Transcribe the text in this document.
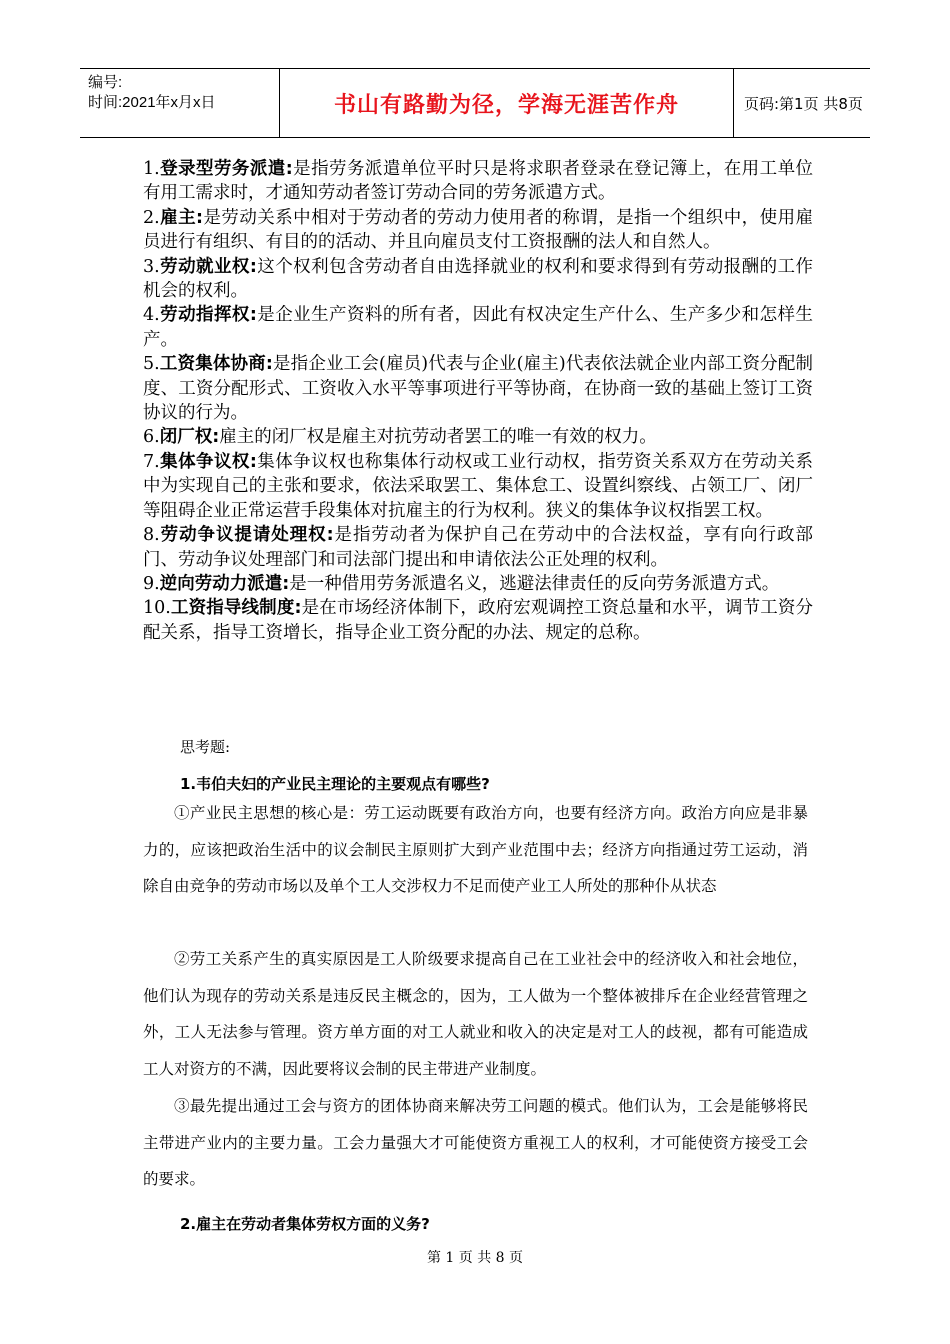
编号:
时间:2021年x月x日	书山有路勤为径，学海无涯苦作舟	页码:第1页 共8页

1.登录型劳务派遣:是指劳务派遣单位平时只是将求职者登录在登记簿上，在用工单位有用工需求时，才通知劳动者签订劳动合同的劳务派遣方式。

2.雇主:是劳动关系中相对于劳动者的劳动力使用者的称谓，是指一个组织中，使用雇员进行有组织、有目的的活动、并且向雇员支付工资报酬的法人和自然人。

3.劳动就业权:这个权利包含劳动者自由选择就业的权利和要求得到有劳动报酬的工作机会的权利。

4.劳动指挥权:是企业生产资料的所有者，因此有权决定生产什么、生产多少和怎样生产。

5.工资集体协商:是指企业工会(雇员)代表与企业(雇主)代表依法就企业内部工资分配制度、工资分配形式、工资收入水平等事项进行平等协商，在协商一致的基础上签订工资协议的行为。

6.闭厂权:雇主的闭厂权是雇主对抗劳动者罢工的唯一有效的权力。

7.集体争议权:集体争议权也称集体行动权或工业行动权，指劳资关系双方在劳动关系中为实现自己的主张和要求，依法采取罢工、集体怠工、设置纠察线、占领工厂、闭厂等阻碍企业正常运营手段集体对抗雇主的行为权利。狭义的集体争议权指罢工权。

8.劳动争议提请处理权:是指劳动者为保护自己在劳动中的合法权益，享有向行政部门、劳动争议处理部门和司法部门提出和申请依法公正处理的权利。

9.逆向劳动力派遣:是一种借用劳务派遣名义，逃避法律责任的反向劳务派遣方式。

10.工资指导线制度:是在市场经济体制下，政府宏观调控工资总量和水平，调节工资分配关系，指导工资增长，指导企业工资分配的办法、规定的总称。

思考题:
1.韦伯夫妇的产业民主理论的主要观点有哪些?

①产业民主思想的核心是：劳工运动既要有政治方向，也要有经济方向。政治方向应是非暴力的，应该把政治生活中的议会制民主原则扩大到产业范围中去；经济方向指通过劳工运动，消除自由竞争的劳动市场以及单个工人交涉权力不足而使产业工人所处的那种仆从状态

②劳工关系产生的真实原因是工人阶级要求提高自己在工业社会中的经济收入和社会地位，他们认为现存的劳动关系是违反民主概念的，因为，工人做为一个整体被排斥在企业经营管理之外，工人无法参与管理。资方单方面的对工人就业和收入的决定是对工人的歧视，都有可能造成工人对资方的不满，因此要将议会制的民主带进产业制度。

③最先提出通过工会与资方的团体协商来解决劳工问题的模式。他们认为，工会是能够将民主带进产业内的主要力量。工会力量强大才可能使资方重视工人的权利，才可能使资方接受工会的要求。

2.雇主在劳动者集体劳权方面的义务?
第 1 页 共 8 页
